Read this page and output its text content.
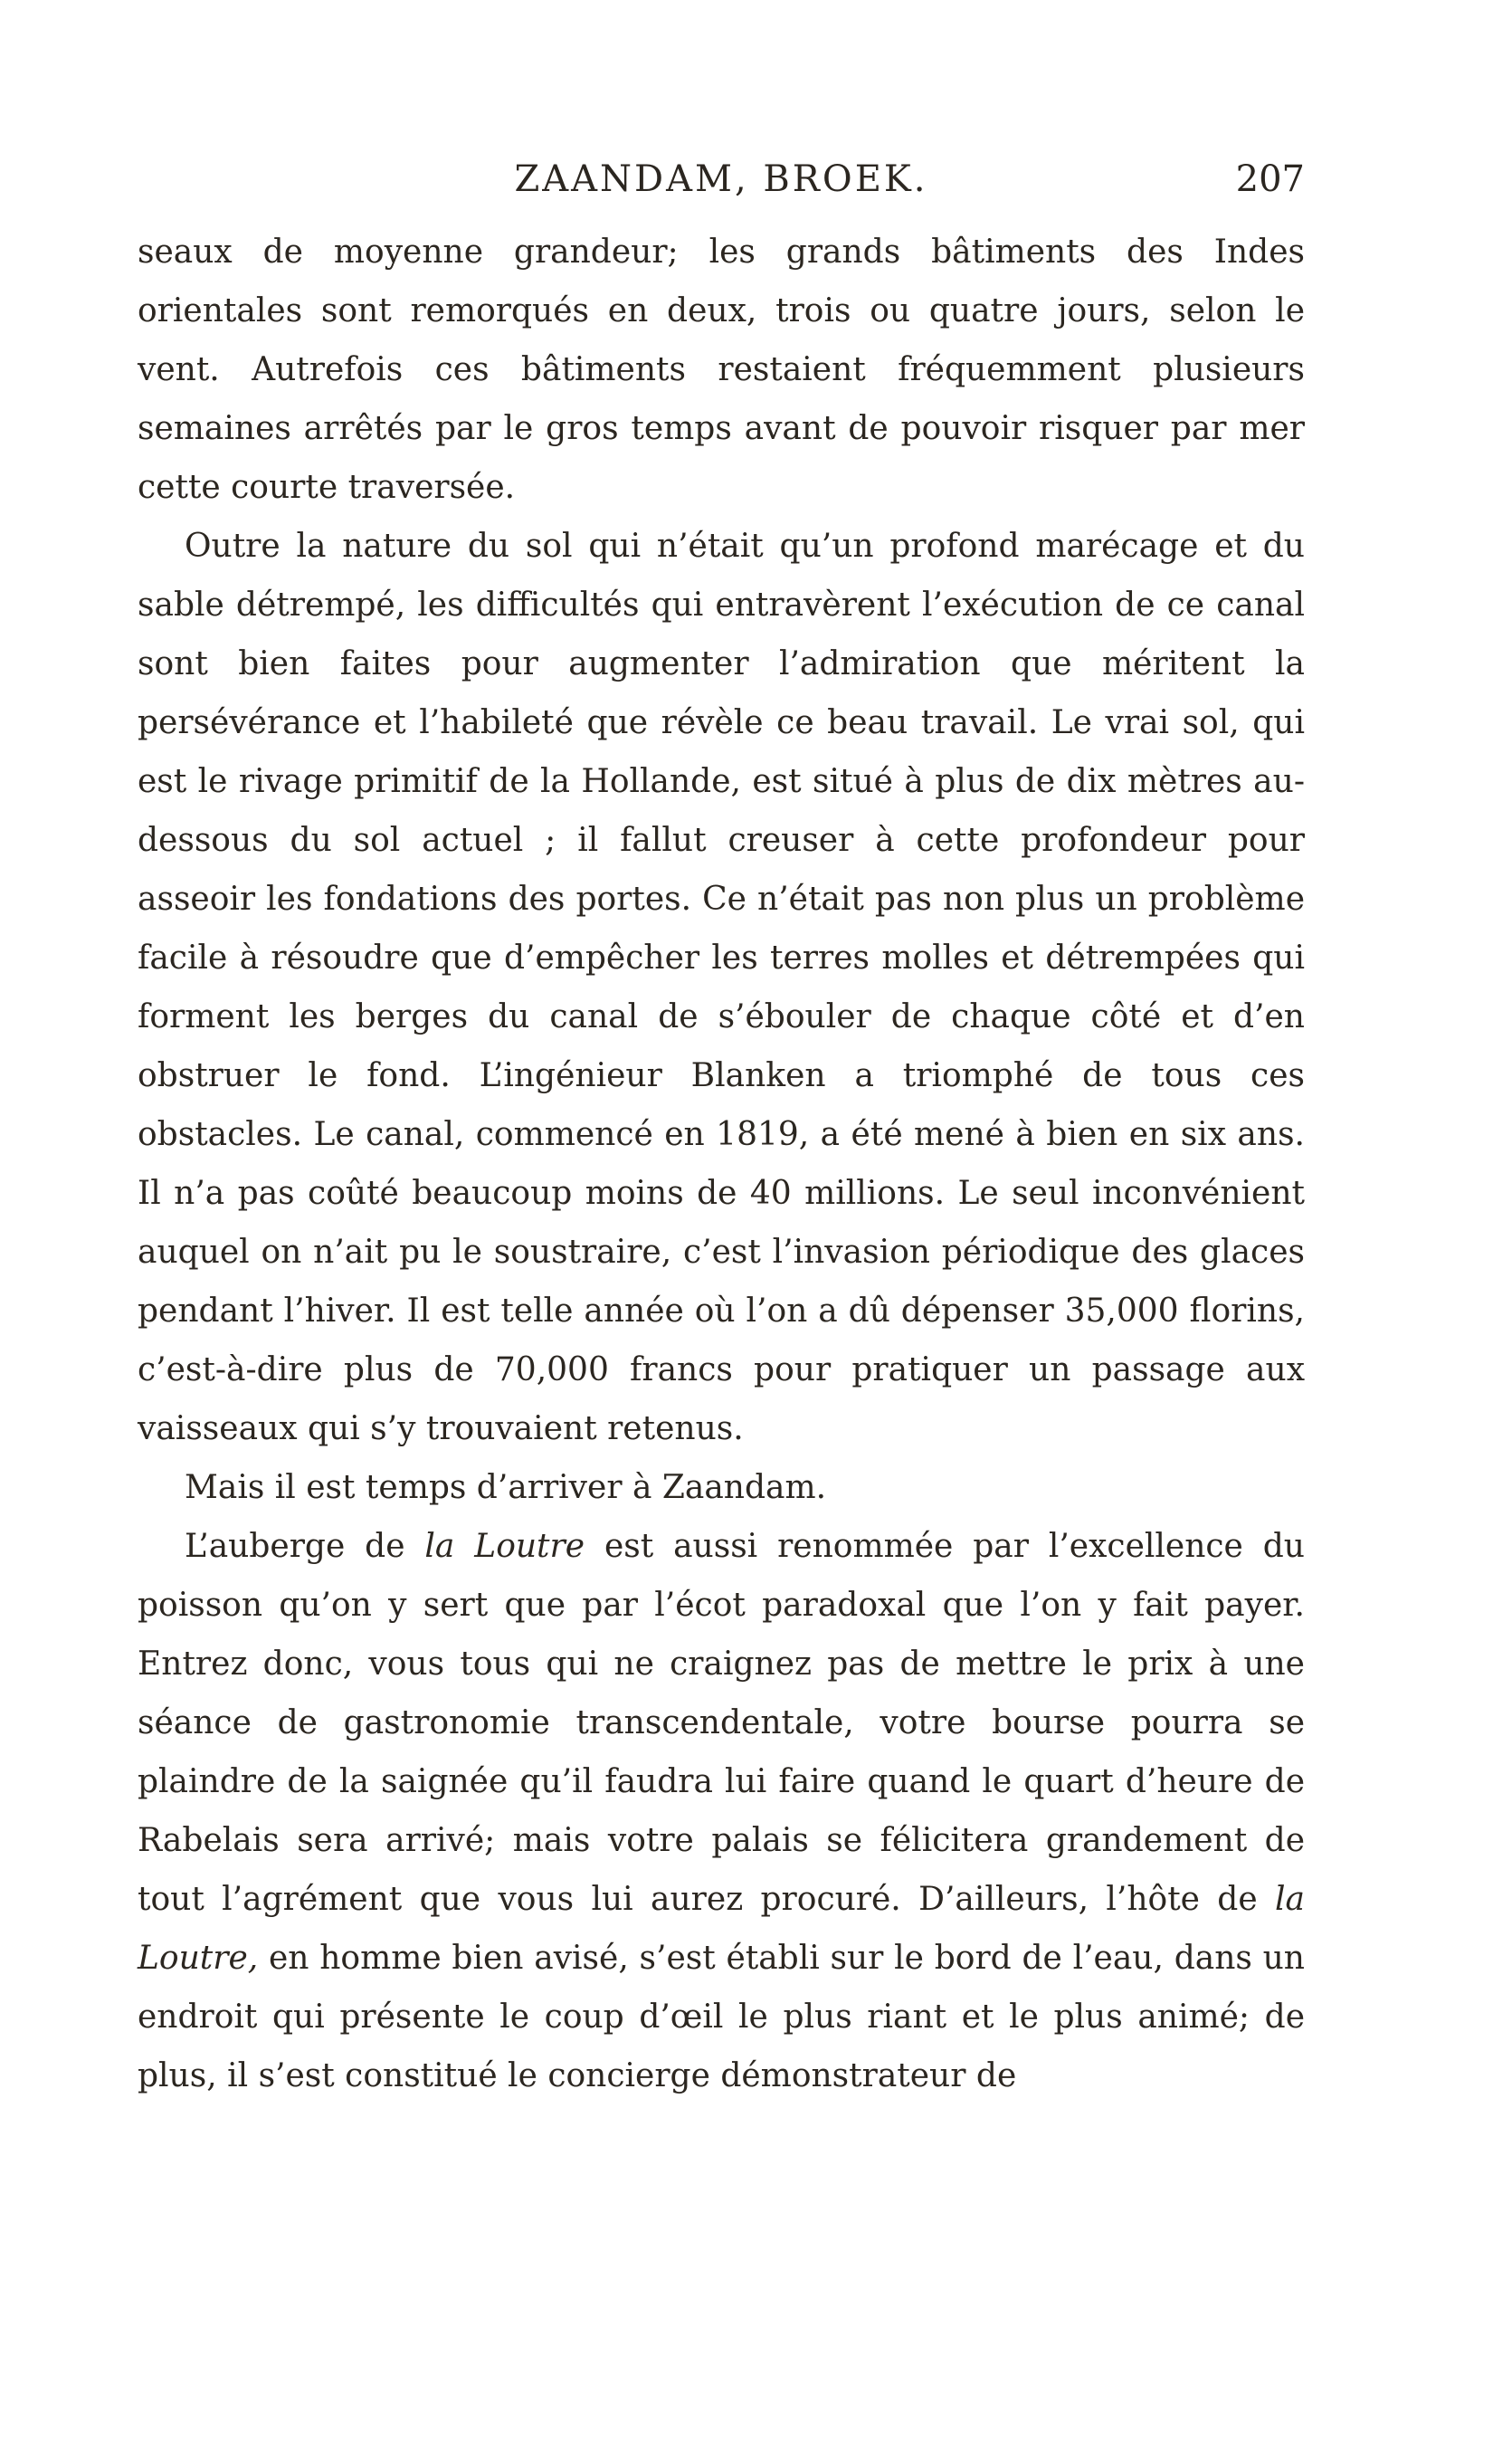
ZAANDAM, BROEK.	207

seaux de moyenne grandeur; les grands bâtiments des Indes orientales sont remorqués en deux, trois ou quatre jours, selon le vent. Autrefois ces bâtiments restaient fréquemment plusieurs semaines arrêtés par le gros temps avant de pouvoir risquer par mer cette courte traversée.

Outre la nature du sol qui n’était qu’un profond marécage et du sable détrempé, les difficultés qui entravèrent l’exécution de ce canal sont bien faites pour augmenter l’admiration que méritent la persévérance et l’habileté que révèle ce beau travail. Le vrai sol, qui est le rivage primitif de la Hollande, est situé à plus de dix mètres au-dessous du sol actuel ; il fallut creuser à cette profondeur pour asseoir les fondations des portes. Ce n’était pas non plus un problème facile à résoudre que d’empêcher les terres molles et détrempées qui forment les berges du canal de s’ébouler de chaque côté et d’en obstruer le fond. L’ingénieur Blanken a triomphé de tous ces obstacles. Le canal, commencé en 1819, a été mené à bien en six ans. Il n’a pas coûté beaucoup moins de 40 millions. Le seul inconvénient auquel on n’ait pu le soustraire, c’est l’invasion périodique des glaces pendant l’hiver. Il est telle année où l’on a dû dépenser 35,000 florins, c’est-à-dire plus de 70,000 francs pour pratiquer un passage aux vaisseaux qui s’y trouvaient retenus.

Mais il est temps d’arriver à Zaandam.

L’auberge de la Loutre est aussi renommée par l’excellence du poisson qu’on y sert que par l’écot paradoxal que l’on y fait payer. Entrez donc, vous tous qui ne craignez pas de mettre le prix à une séance de gastronomie transcendentale, votre bourse pourra se plaindre de la saignée qu’il faudra lui faire quand le quart d’heure de Rabelais sera arrivé; mais votre palais se félicitera grandement de tout l’agrément que vous lui aurez procuré. D’ailleurs, l’hôte de la Loutre, en homme bien avisé, s’est établi sur le bord de l’eau, dans un endroit qui présente le coup d’œil le plus riant et le plus animé; de plus, il s’est constitué le concierge démonstrateur de
